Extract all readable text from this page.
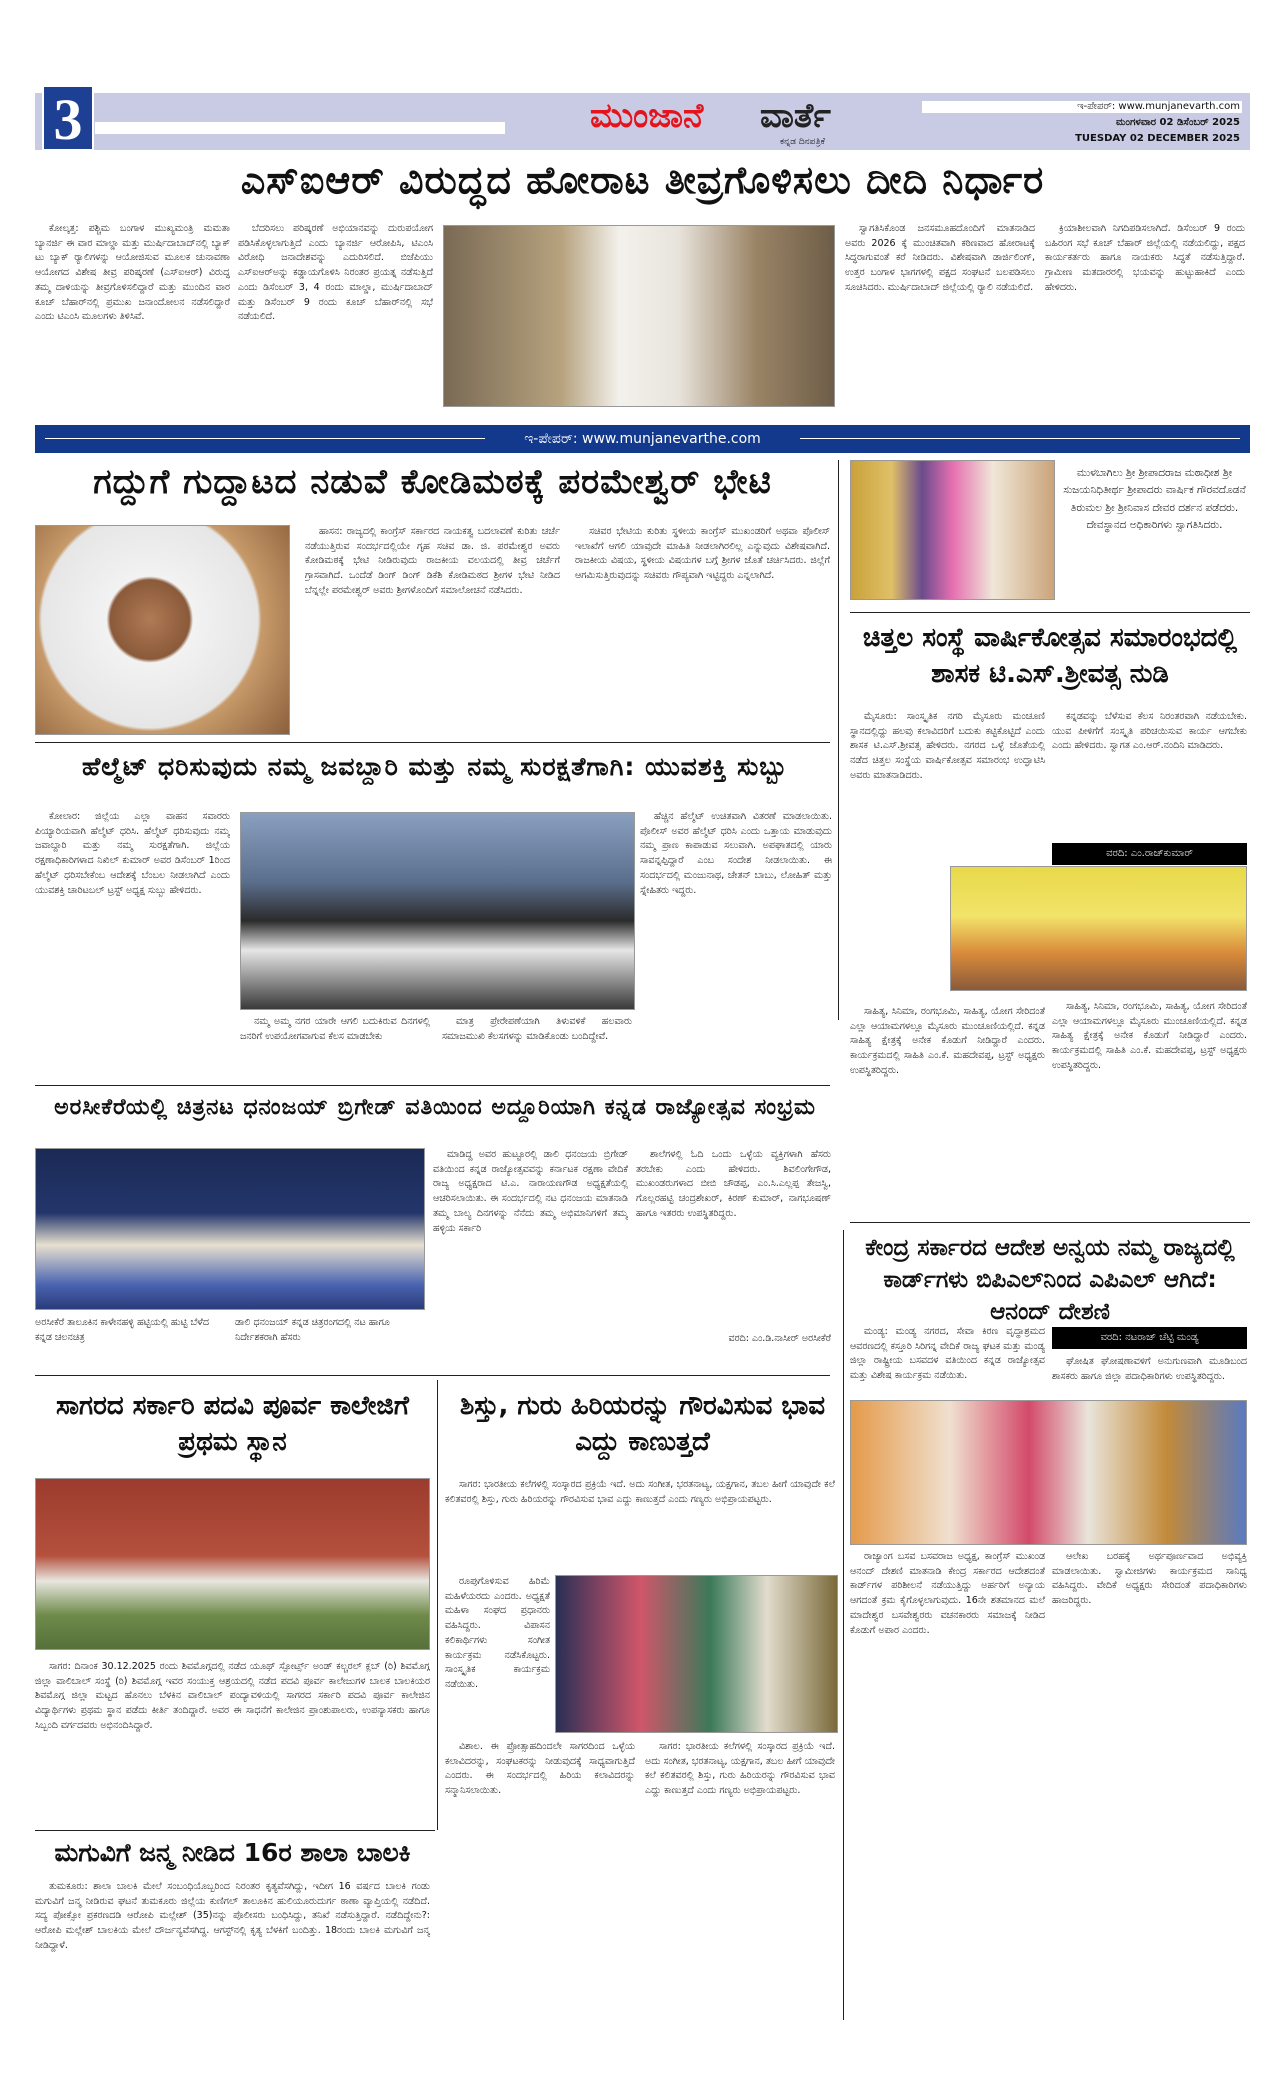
3	ಮುಂಜಾನೆ ವಾರ್ತೆ
ಕನ್ನಡ ದಿನಪತ್ರಿಕೆ
ಇ-ಪೇಪರ್: www.munjanevarth.com
ಮಂಗಳವಾರ 02 ಡಿಸೆಂಬರ್ 2025
TUESDAY 02 DECEMBER 2025
ಎಸ್‌ಐಆರ್ ವಿರುದ್ಧದ ಹೋರಾಟ ತೀವ್ರಗೊಳಿಸಲು ದೀದಿ ನಿರ್ಧಾರ
ಕೋಲ್ಕತ್ತ: ಪಶ್ಚಿಮ ಬಂಗಾಳ ಮುಖ್ಯಮಂತ್ರಿ ಮಮತಾ ಬ್ಯಾನರ್ಜಿ ಈ ವಾರ ಮಾಲ್ಡಾ ಮತ್ತು ಮುರ್ಷಿದಾಬಾದ್‌ನಲ್ಲಿ ಬ್ಯಾಕ್ ಟು ಬ್ಯಾಕ್ ರ್‍ಯಾಲಿಗಳನ್ನು ಆಯೋಜಿಸುವ ಮೂಲಕ ಚುನಾವಣಾ ಆಯೋಗದ ವಿಶೇಷ ತೀವ್ರ ಪರಿಷ್ಕರಣೆ (ಎಸ್‌ಐಆರ್) ವಿರುದ್ಧ ತಮ್ಮ ದಾಳಿಯನ್ನು ತೀವ್ರಗೊಳಿಸಲಿದ್ದಾರೆ ಮತ್ತು ಮುಂದಿನ ವಾರ ಕೂಚ್ ಬೆಹಾರ್‌ನಲ್ಲಿ ಪ್ರಮುಖ ಜನಾಂದೋಲನ ನಡೆಸಲಿದ್ದಾರೆ ಎಂದು ಟಿಎಂಸಿ ಮೂಲಗಳು ತಿಳಿಸಿವೆ.
ಬೆದರಿಸಲು ಪರಿಷ್ಕರಣೆ ಅಭಿಯಾನವನ್ನು ದುರುಪಯೋಗ ಪಡಿಸಿಕೊಳ್ಳಲಾಗುತ್ತಿದೆ ಎಂದು ಬ್ಯಾನರ್ಜಿ ಆರೋಪಿಸಿ, ಟಿಎಂಸಿ ವಿರೋಧಿ ಜನಾದೇಶವನ್ನು ಎದುರಿಸಲಿದೆ. ಬಿಜೆಪಿಯು ಎಸ್‌ಐಆರ್‌ಅನ್ನು ಕಡ್ಡಾಯಗೊಳಿಸಿ ನಿರಂತರ ಪ್ರಯತ್ನ ನಡೆಸುತ್ತಿದೆ ಎಂದು ಡಿಸೆಂಬರ್ 3, 4 ರಂದು ಮಾಲ್ಡಾ, ಮುರ್ಷಿದಾಬಾದ್ ಮತ್ತು ಡಿಸೆಂಬರ್ 9 ರಂದು ಕೂಚ್ ಬೆಹಾರ್‌ನಲ್ಲಿ ಸಭೆ ನಡೆಯಲಿದೆ.
ಸ್ವಾಗತಿಸಿಕೊಂಡ ಜನಸಮೂಹದೊಂದಿಗೆ ಮಾತನಾಡಿದ ಅವರು 2026 ಕ್ಕೆ ಮುಂಚಿತವಾಗಿ ಕಠಿಣವಾದ ಹೋರಾಟಕ್ಕೆ ಸಿದ್ಧರಾಗುವಂತೆ ಕರೆ ನೀಡಿದರು. ವಿಶೇಷವಾಗಿ ಡಾರ್ಜಿಲಿಂಗ್, ಉತ್ತರ ಬಂಗಾಳ ಭಾಗಗಳಲ್ಲಿ ಪಕ್ಷದ ಸಂಘಟನೆ ಬಲಪಡಿಸಲು ಸೂಚಿಸಿದರು. ಮುರ್ಷಿದಾಬಾದ್ ಜಿಲ್ಲೆಯಲ್ಲಿ ರ್‍ಯಾಲಿ ನಡೆಯಲಿದೆ.
ಕ್ರಿಯಾಶೀಲವಾಗಿ ನಿಗದಿಪಡಿಸಲಾಗಿದೆ. ಡಿಸೆಂಬರ್ 9 ರಂದು ಬಹಿರಂಗ ಸಭೆ ಕೂಚ್ ಬೆಹಾರ್ ಜಿಲ್ಲೆಯಲ್ಲಿ ನಡೆಯಲಿದ್ದು, ಪಕ್ಷದ ಕಾರ್ಯಕರ್ತರು ಹಾಗೂ ನಾಯಕರು ಸಿದ್ಧತೆ ನಡೆಸುತ್ತಿದ್ದಾರೆ. ಗ್ರಾಮೀಣ ಮತದಾರರಲ್ಲಿ ಭಯವನ್ನು ಹುಟ್ಟುಹಾಕಿದೆ ಎಂದು ಹೇಳಿದರು.
ಇ-ಪೇಪರ್: www.munjanevarthe.com
ಗದ್ದುಗೆ ಗುದ್ದಾಟದ ನಡುವೆ ಕೋಡಿಮಠಕ್ಕೆ ಪರಮೇಶ್ವರ್ ಭೇಟಿ
ಹಾಸನ: ರಾಜ್ಯದಲ್ಲಿ ಕಾಂಗ್ರೆಸ್ ಸರ್ಕಾರದ ನಾಯಕತ್ವ ಬದಲಾವಣೆ ಕುರಿತು ಚರ್ಚೆ ನಡೆಯುತ್ತಿರುವ ಸಂದರ್ಭದಲ್ಲಿಯೇ ಗೃಹ ಸಚಿವ ಡಾ. ಜಿ. ಪರಮೇಶ್ವರ ಅವರು ಕೋಡಿಮಠಕ್ಕೆ ಭೇಟಿ ನೀಡಿರುವುದು ರಾಜಕೀಯ ವಲಯದಲ್ಲಿ ತೀವ್ರ ಚರ್ಚೆಗೆ ಗ್ರಾಸವಾಗಿದೆ. ಒಂದೆಡೆ ಡಿಂಗ್ ಡಿಂಗ್ ಡಿಕೆಶಿ ಕೋಡಿಮಠದ ಶ್ರೀಗಳ ಭೇಟಿ ನೀಡಿದ ಬೆನ್ನಲ್ಲೇ ಪರಮೇಶ್ವರ್ ಅವರು ಶ್ರೀಗಳೊಂದಿಗೆ ಸಮಾಲೋಚನೆ ನಡೆಸಿದರು.
ಸಚಿವರ ಭೇಟಿಯ ಕುರಿತು ಸ್ಥಳೀಯ ಕಾಂಗ್ರೆಸ್ ಮುಖಂಡರಿಗೆ ಅಥವಾ ಪೊಲೀಸ್ ಇಲಾಖೆಗೆ ಆಗಲಿ ಯಾವುದೇ ಮಾಹಿತಿ ನೀಡಲಾಗಿರಲಿಲ್ಲ ಎನ್ನುವುದು ವಿಶೇಷವಾಗಿದೆ. ರಾಜಕೀಯ ವಿಷಯ, ಸ್ಥಳೀಯ ವಿಷಯಗಳ ಬಗ್ಗೆ ಶ್ರೀಗಳ ಜೊತೆ ಚರ್ಚಿಸಿದರು. ಜಿಲ್ಲೆಗೆ ಆಗಮಿಸುತ್ತಿರುವುದನ್ನು ಸಚಿವರು ಗೌಪ್ಯವಾಗಿ ಇಟ್ಟಿದ್ದರು ಎನ್ನಲಾಗಿದೆ.
ಮುಳಬಾಗಿಲು ಶ್ರೀ ಶ್ರೀಪಾದರಾಜ ಮಠಾಧೀಶ ಶ್ರೀ ಸುಜಯನಿಧಿತೀರ್ಥ ಶ್ರೀಪಾದರು ವಾರ್ಷಿಕ ಗೌರವದೊಡನೆ ತಿರುಮಲ ಶ್ರೀ ಶ್ರೀನಿವಾಸ ದೇವರ ದರ್ಶನ ಪಡೆದರು. ದೇವಸ್ಥಾನದ ಅಧಿಕಾರಿಗಳು ಸ್ವಾಗತಿಸಿದರು.
ಚಿತ್ತಲ ಸಂಸ್ಥೆ ವಾರ್ಷಿಕೋತ್ಸವ ಸಮಾರಂಭದಲ್ಲಿ ಶಾಸಕ ಟಿ.ಎಸ್.ಶ್ರೀವತ್ಸ ನುಡಿ
ಮೈಸೂರು: ಸಾಂಸ್ಕೃತಿಕ ನಗರಿ ಮೈಸೂರು ಮಂಚೂಣಿ ಸ್ಥಾನದಲ್ಲಿದ್ದು ಹಲವು ಕಲಾವಿದರಿಗೆ ಬದುಕು ಕಟ್ಟಿಕೊಟ್ಟಿದೆ ಎಂದು ಶಾಸಕ ಟಿ.ಎಸ್.ಶ್ರೀವತ್ಸ ಹೇಳಿದರು. ನಗರದ ಒಳ್ಳೆ ಜೊತೆಯಲ್ಲಿ ನಡೆದ ಚಿತ್ತಲ ಸಂಸ್ಥೆಯ ವಾರ್ಷಿಕೋತ್ಸವ ಸಮಾರಂಭ ಉದ್ಘಾಟಿಸಿ ಅವರು ಮಾತನಾಡಿದರು.
ಕನ್ನಡವನ್ನು ಬೆಳೆಸುವ ಕೆಲಸ ನಿರಂತರವಾಗಿ ನಡೆಯಬೇಕು. ಯುವ ಪೀಳಿಗೆಗೆ ಸಂಸ್ಕೃತಿ ಪರಿಚಯಿಸುವ ಕಾರ್ಯ ಆಗಬೇಕು ಎಂದು ಹೇಳಿದರು. ಸ್ವಾಗತ ಎಂ.ಆರ್.ನಂದಿನಿ ಮಾಡಿದರು.
ವರದಿ: ಎಂ.ರಾಜ್‌ಕುಮಾರ್
ಸಾಹಿತ್ಯ, ಸಿನಿಮಾ, ರಂಗಭೂಮಿ, ಸಾಹಿತ್ಯ, ಯೋಗ ಸೇರಿದಂತೆ ಎಲ್ಲಾ ಆಯಾಮಗಳಲ್ಲೂ ಮೈಸೂರು ಮುಂಚೂಣಿಯಲ್ಲಿದೆ. ಕನ್ನಡ ಸಾಹಿತ್ಯ ಕ್ಷೇತ್ರಕ್ಕೆ ಅನೇಕ ಕೊಡುಗೆ ನೀಡಿದ್ದಾರೆ ಎಂದರು. ಕಾರ್ಯಕ್ರಮದಲ್ಲಿ ಸಾಹಿತಿ ಎಂ.ಕೆ. ಮಹದೇವಪ್ಪ, ಟ್ರಸ್ಟ್ ಅಧ್ಯಕ್ಷರು ಉಪಸ್ಥಿತರಿದ್ದರು.
ಸಾಹಿತ್ಯ, ಸಿನಿಮಾ, ರಂಗಭೂಮಿ, ಸಾಹಿತ್ಯ, ಯೋಗ ಸೇರಿದಂತೆ ಎಲ್ಲಾ ಆಯಾಮಗಳಲ್ಲೂ ಮೈಸೂರು ಮುಂಚೂಣಿಯಲ್ಲಿದೆ. ಕನ್ನಡ ಸಾಹಿತ್ಯ ಕ್ಷೇತ್ರಕ್ಕೆ ಅನೇಕ ಕೊಡುಗೆ ನೀಡಿದ್ದಾರೆ ಎಂದರು. ಕಾರ್ಯಕ್ರಮದಲ್ಲಿ ಸಾಹಿತಿ ಎಂ.ಕೆ. ಮಹದೇವಪ್ಪ, ಟ್ರಸ್ಟ್ ಅಧ್ಯಕ್ಷರು ಉಪಸ್ಥಿತರಿದ್ದರು.
ಹೆಲ್ಮೆಟ್ ಧರಿಸುವುದು ನಮ್ಮ ಜವಬ್ದಾರಿ ಮತ್ತು ನಮ್ಮ ಸುರಕ್ಷತೆಗಾಗಿ: ಯುವಶಕ್ತಿ ಸುಬ್ಬು
ಕೋಲಾರ: ಜಿಲ್ಲೆಯ ಎಲ್ಲಾ ವಾಹನ ಸವಾರರು ಪಿಯ್ಯಾರಿಯವಾಗಿ ಹೆಲ್ಮೆಟ್ ಧರಿಸಿ. ಹೆಲ್ಮೆಟ್ ಧರಿಸುವುದು ನಮ್ಮ ಜವಾಬ್ದಾರಿ ಮತ್ತು ನಮ್ಮ ಸುರಕ್ಷತೆಗಾಗಿ. ಜಿಲ್ಲೆಯ ರಕ್ಷಣಾಧಿಕಾರಿಗಳಾದ ನಿಖಿಲ್ ಕುಮಾರ್ ಅವರ ಡಿಸೆಂಬರ್ 1ರಿಂದ ಹೆಲ್ಮೆಟ್ ಧರಿಸಬೇಕೆಂಬ ಆದೇಶಕ್ಕೆ ಬೆಂಬಲ ನೀಡಲಾಗಿದೆ ಎಂದು ಯುವಶಕ್ತಿ ಚಾರಿಟಬಲ್ ಟ್ರಸ್ಟ್ ಅಧ್ಯಕ್ಷ ಸುಬ್ಬು ಹೇಳಿದರು.
ನಮ್ಮ ಅಮ್ಮ ನಗರ ಯಾರೇ ಆಗಲಿ ಬದುಕಿರುವ ದಿನಗಳಲ್ಲಿ ಜನರಿಗೆ ಉಪಯೋಗವಾಗುವ ಕೆಲಸ ಮಾಡಬೇಕು
ಮಾತ್ರ ಪ್ರೇರೇಪಣೆಯಾಗಿ ತಿಳುವಳಿಕೆ ಹಲವಾರು ಸಮಾಜಮುಖಿ ಕೆಲಸಗಳನ್ನು ಮಾಡಿಕೊಂಡು ಬಂದಿದ್ದೇವೆ.
ಹೆಚ್ಚಿನ ಹೆಲ್ಮೆಟ್ ಉಚಿತವಾಗಿ ವಿತರಣೆ ಮಾಡಲಾಯಿತು. ಪೊಲೀಸ್ ಅವರ ಹೆಲ್ಮೆಟ್ ಧರಿಸಿ ಎಂದು ಒತ್ತಾಯ ಮಾಡುವುದು ನಮ್ಮ ಪ್ರಾಣ ಕಾಪಾಡುವ ಸಲುವಾಗಿ. ಅಪಘಾತದಲ್ಲಿ ಯಾರು ಸಾವನ್ನಪ್ಪಿದ್ದಾರೆ ಎಂಬ ಸಂದೇಶ ನೀಡಲಾಯಿತು. ಈ ಸಂದರ್ಭದಲ್ಲಿ ಮಂಜುನಾಥ, ಚೇತನ್ ಬಾಬು, ಲೋಹಿತ್ ಮತ್ತು ಸ್ನೇಹಿತರು ಇದ್ದರು.
ಅರಸೀಕೆರೆಯಲ್ಲಿ ಚಿತ್ರನಟ ಧನಂಜಯ್ ಬ್ರಿಗೇಡ್ ವತಿಯಿಂದ ಅದ್ದೂರಿಯಾಗಿ ಕನ್ನಡ ರಾಜ್ಯೋತ್ಸವ ಸಂಭ್ರಮ
ಅರಸೀಕೆರೆ ತಾಲೂಕಿನ ಕಾಳೇನಹಳ್ಳಿ ಹಟ್ಟಿಯಲ್ಲಿ ಹುಟ್ಟಿ ಬೆಳೆದ ಕನ್ನಡ ಚಲನಚಿತ್ರ
ಡಾಲಿ ಧನಂಜಯ್ ಕನ್ನಡ ಚಿತ್ರರಂಗದಲ್ಲಿ ನಟ ಹಾಗೂ ನಿರ್ದೇಶಕರಾಗಿ ಹೆಸರು
ಮಾಡಿದ್ದ ಅವರ ಹುಟ್ಟೂರಲ್ಲಿ ಡಾಲಿ ಧನಂಜಯ ಬ್ರಿಗೇಡ್ ವತಿಯಿಂದ ಕನ್ನಡ ರಾಜ್ಯೋತ್ಸವವನ್ನು ಕರ್ನಾಟಕ ರಕ್ಷಣಾ ವೇದಿಕೆ ರಾಜ್ಯ ಅಧ್ಯಕ್ಷರಾದ ಟಿ.ಎ. ನಾರಾಯಣಗೌಡ ಅಧ್ಯಕ್ಷತೆಯಲ್ಲಿ ಆಚರಿಸಲಾಯಿತು. ಈ ಸಂದರ್ಭದಲ್ಲಿ ನಟ ಧನಂಜಯ ಮಾತನಾಡಿ ತಮ್ಮ ಬಾಲ್ಯ ದಿನಗಳನ್ನು ನೆನೆದು ತಮ್ಮ ಅಭಿಮಾನಿಗಳಿಗೆ ತಮ್ಮ ಹಳ್ಳಿಯ ಸರ್ಕಾರಿ
ಶಾಲೆಗಳಲ್ಲಿ ಓದಿ ಒಂದು ಒಳ್ಳೆಯ ವ್ಯಕ್ತಿಗಳಾಗಿ ಹೆಸರು ತರಬೇಕು ಎಂದು ಹೇಳಿದರು. ಶಿವಲಿಂಗೇಗೌಡ, ಮುಖಂಡರುಗಳಾದ ಬೀಬಿ ಚೌಡಪ್ಪ, ಎಂ.ಸಿ.ಎಲ್ಲಪ್ಪ ತೇಜಸ್ವಿ, ಗೊಲ್ಲರಹಟ್ಟಿ ಚಂದ್ರಶೇಖರ್, ಕಿರಣ್ ಕುಮಾರ್, ನಾಗಭೂಷಣ್ ಹಾಗೂ ಇತರರು ಉಪಸ್ಥಿತರಿದ್ದರು.
ವರದಿ: ಎಂ.ಡಿ.ನಾಸೀರ್ ಅರಸೀಕೆರೆ
ಕೇಂದ್ರ ಸರ್ಕಾರದ ಆದೇಶ ಅನ್ವಯ ನಮ್ಮ ರಾಜ್ಯದಲ್ಲಿ ಕಾರ್ಡ್‌ಗಳು ಬಿಪಿಎಲ್‌ನಿಂದ ಎಪಿಎಲ್ ಆಗಿದೆ: ಆನಂದ್ ದೇಶಣಿ
ಮಂಡ್ಯ: ಮಂಡ್ಯ ನಗರದ, ಸೇವಾ ಕಿರಣ ವೃದ್ಧಾಶ್ರಮದ ಆವರಣದಲ್ಲಿ ಕಸ್ತೂರಿ ಸಿರಿಗನ್ನ ವೇದಿಕೆ ರಾಜ್ಯ ಘಟಕ ಮತ್ತು ಮಂಡ್ಯ ಜಿಲ್ಲಾ ರಾಷ್ಟ್ರೀಯ ಬಸವದಳ ವತಿಯಿಂದ ಕನ್ನಡ ರಾಜ್ಯೋತ್ಸವ ಮತ್ತು ವಿಶೇಷ ಕಾರ್ಯಕ್ರಮ ನಡೆಯಿತು.
ವರದಿ: ನಟರಾಜ್ ಚೆಟ್ಟಿ ಮಂಡ್ಯ
ಘೋಷಿತ ಘೋಷಣಾವಳಿಗೆ ಅನುಗುಣವಾಗಿ ಮೂಡಿಬಂದ ಶಾಸಕರು ಹಾಗೂ ಜಿಲ್ಲಾ ಪದಾಧಿಕಾರಿಗಳು ಉಪಸ್ಥಿತರಿದ್ದರು.
ರಾಜ್ಯಾಂಗ ಬಸವ ಬಸವರಾಜ ಅಧ್ಯಕ್ಷ, ಕಾಂಗ್ರೆಸ್ ಮುಖಂಡ ಆನಂದ್ ದೇಶಣಿ ಮಾತನಾಡಿ ಕೇಂದ್ರ ಸರ್ಕಾರದ ಆದೇಶದಂತೆ ಕಾರ್ಡ್‌ಗಳ ಪರಿಶೀಲನೆ ನಡೆಯುತ್ತಿದ್ದು ಅರ್ಹರಿಗೆ ಅನ್ಯಾಯ ಆಗದಂತೆ ಕ್ರಮ ಕೈಗೊಳ್ಳಲಾಗುವುದು. 16ನೇ ಶತಮಾನದ ಮಲೆ ಮಾದೇಶ್ವರ ಬಸವೇಶ್ವರರು ವಚನಕಾರರು ಸಮಾಜಕ್ಕೆ ನೀಡಿದ ಕೊಡುಗೆ ಅಪಾರ ಎಂದರು.
ಆಲೇಖ ಬರಹಕ್ಕೆ ಅರ್ಥಪೂರ್ಣವಾದ ಅಭಿವ್ಯಕ್ತಿ ಮಾಡಲಾಯಿತು. ಸ್ವಾಮೀಜಿಗಳು ಕಾರ್ಯಕ್ರಮದ ಸಾನಿಧ್ಯ ವಹಿಸಿದ್ದರು. ವೇದಿಕೆ ಅಧ್ಯಕ್ಷರು ಸೇರಿದಂತೆ ಪದಾಧಿಕಾರಿಗಳು ಹಾಜರಿದ್ದರು.
ಸಾಗರದ ಸರ್ಕಾರಿ ಪದವಿ ಪೂರ್ವ ಕಾಲೇಜಿಗೆ ಪ್ರಥಮ ಸ್ಥಾನ
ಸಾಗರ: ದಿನಾಂಕ 30.12.2025 ರಂದು ಶಿವಮೊಗ್ಗದಲ್ಲಿ ನಡೆದ ಯೂಥ್ ಸ್ಪೋರ್ಟ್ಸ್ ಅಂಡ್ ಕಲ್ಚರಲ್ ಕ್ಲಬ್ (ರಿ) ಶಿವಮೊಗ್ಗ ಜಿಲ್ಲಾ ವಾಲಿಬಾಲ್ ಸಂಸ್ಥೆ (ರಿ) ಶಿವಮೊಗ್ಗ ಇವರ ಸಂಯುಕ್ತ ಆಶ್ರಯದಲ್ಲಿ ನಡೆದ ಪದವಿ ಪೂರ್ವ ಕಾಲೇಜುಗಳ ಬಾಲಕ ಬಾಲಕಿಯರ ಶಿವಮೊಗ್ಗ ಜಿಲ್ಲಾ ಮಟ್ಟದ ಹೊನಲು ಬೆಳಕಿನ ವಾಲಿಬಾಲ್ ಪಂದ್ಯಾವಳಿಯಲ್ಲಿ ಸಾಗರದ ಸರ್ಕಾರಿ ಪದವಿ ಪೂರ್ವ ಕಾಲೇಜಿನ ವಿದ್ಯಾರ್ಥಿಗಳು ಪ್ರಥಮ ಸ್ಥಾನ ಪಡೆದು ಕೀರ್ತಿ ತಂದಿದ್ದಾರೆ. ಅವರ ಈ ಸಾಧನೆಗೆ ಕಾಲೇಜಿನ ಪ್ರಾಂಶುಪಾಲರು, ಉಪನ್ಯಾಸಕರು ಹಾಗೂ ಸಿಬ್ಬಂದಿ ವರ್ಗದವರು ಅಭಿನಂದಿಸಿದ್ದಾರೆ.
ಶಿಸ್ತು, ಗುರು ಹಿರಿಯರನ್ನು ಗೌರವಿಸುವ ಭಾವ ಎದ್ದು ಕಾಣುತ್ತದೆ
ಸಾಗರ: ಭಾರತೀಯ ಕಲೆಗಳಲ್ಲಿ ಸಂಸ್ಕಾರದ ಪ್ರಕ್ರಿಯೆ ಇದೆ. ಅದು ಸಂಗೀತ, ಭರತನಾಟ್ಯ, ಯಕ್ಷಗಾನ, ತಬಲ ಹೀಗೆ ಯಾವುದೇ ಕಲೆ ಕಲಿತವರಲ್ಲಿ ಶಿಸ್ತು, ಗುರು ಹಿರಿಯರನ್ನು ಗೌರವಿಸುವ ಭಾವ ಎದ್ದು ಕಾಣುತ್ತದೆ ಎಂದು ಗಣ್ಯರು ಅಭಿಪ್ರಾಯಪಟ್ಟರು.
ರೂಪುಗೊಳಿಸುವ ಹಿರಿಮೆ ಮಹಿಳೆಯರದು ಎಂದರು. ಅಧ್ಯಕ್ಷತೆ ಮಹಿಳಾ ಸಂಘದ ಪ್ರಧಾನರು ವಹಿಸಿದ್ದರು. ವಿಪಾಸನ ಕಲಿಕಾರ್ಥಿಗಳು ಸಂಗೀತ ಕಾರ್ಯಕ್ರಮ ನಡೆಸಿಕೊಟ್ಟರು. ಸಾಂಸ್ಕೃತಿಕ ಕಾರ್ಯಕ್ರಮ ನಡೆಯಿತು.
ವಿಶಾಲ. ಈ ಪ್ರೋತ್ಸಾಹದಿಂದಲೇ ಸಾಗರದಿಂದ ಒಳ್ಳೆಯ ಕಲಾವಿದರನ್ನು, ಸಂಘಟಕರನ್ನು ನೀಡುವುದಕ್ಕೆ ಸಾಧ್ಯವಾಗುತ್ತಿದೆ ಎಂದರು. ಈ ಸಂದರ್ಭದಲ್ಲಿ ಹಿರಿಯ ಕಲಾವಿದರನ್ನು ಸನ್ಮಾನಿಸಲಾಯಿತು.
ಸಾಗರ: ಭಾರತೀಯ ಕಲೆಗಳಲ್ಲಿ ಸಂಸ್ಕಾರದ ಪ್ರಕ್ರಿಯೆ ಇದೆ. ಅದು ಸಂಗೀತ, ಭರತನಾಟ್ಯ, ಯಕ್ಷಗಾನ, ತಬಲ ಹೀಗೆ ಯಾವುದೇ ಕಲೆ ಕಲಿತವರಲ್ಲಿ ಶಿಸ್ತು, ಗುರು ಹಿರಿಯರನ್ನು ಗೌರವಿಸುವ ಭಾವ ಎದ್ದು ಕಾಣುತ್ತದೆ ಎಂದು ಗಣ್ಯರು ಅಭಿಪ್ರಾಯಪಟ್ಟರು.
ಮಗುವಿಗೆ ಜನ್ಮ ನೀಡಿದ 16ರ ಶಾಲಾ ಬಾಲಕಿ
ತುಮಕೂರು: ಶಾಲಾ ಬಾಲಕಿ ಮೇಲೆ ಸಂಬಂಧಿಯೊಬ್ಬರಿಂದ ನಿರಂತರ ಕೃತ್ಯವೆಸಗಿದ್ದು, ಇದೀಗ 16 ವರ್ಷದ ಬಾಲಕಿ ಗಂಡು ಮಗುವಿಗೆ ಜನ್ಮ ನೀಡಿರುವ ಘಟನೆ ತುಮಕೂರು ಜಿಲ್ಲೆಯ ಕುಣಿಗಲ್ ತಾಲೂಕಿನ ಹುಲಿಯೂರುದುರ್ಗ ಠಾಣಾ ವ್ಯಾಪ್ತಿಯಲ್ಲಿ ನಡೆದಿದೆ. ಸದ್ಯ ಪೋಕ್ಸೋ ಪ್ರಕರಣದಡಿ ಆರೋಪಿ ಮಲ್ಲೇಶ್ (35)ನನ್ನು ಪೊಲೀಸರು ಬಂಧಿಸಿದ್ದು, ತನಿಖೆ ನಡೆಸುತ್ತಿದ್ದಾರೆ. ನಡೆದಿದ್ದೇನು?: ಆರೋಪಿ ಮಲ್ಲೇಶ್ ಬಾಲಕಿಯ ಮೇಲೆ ದೌರ್ಜನ್ಯವೆಸಗಿದ್ದ. ಆಗಸ್ಟ್‌ನಲ್ಲಿ ಕೃತ್ಯ ಬೆಳಕಿಗೆ ಬಂದಿತ್ತು. 18ರಂದು ಬಾಲಕಿ ಮಗುವಿಗೆ ಜನ್ಮ ನೀಡಿದ್ದಾಳೆ.
